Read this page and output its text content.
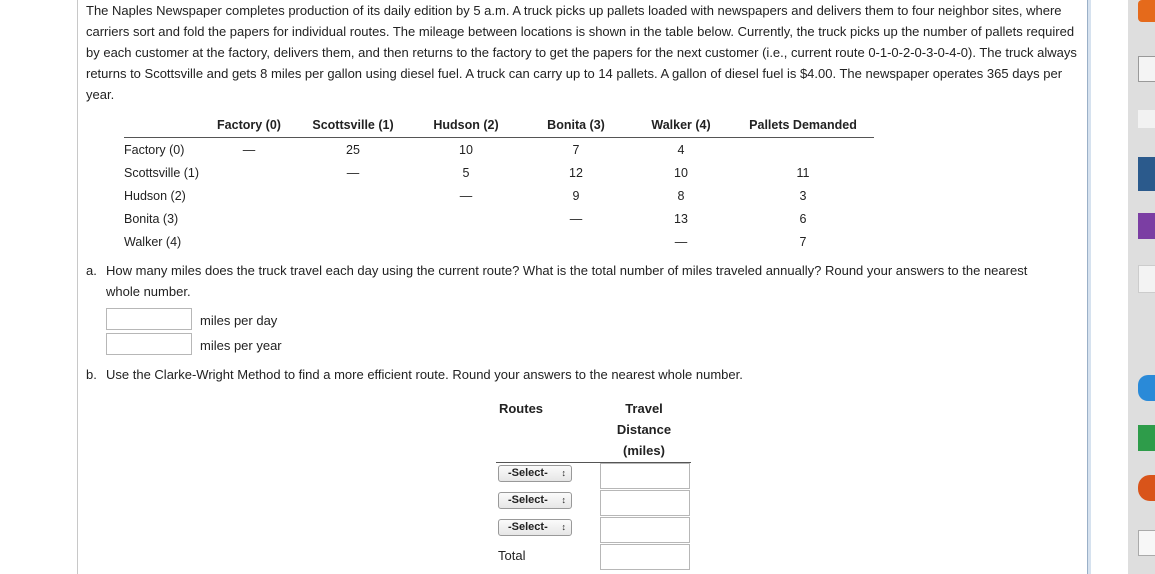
The Naples Newspaper completes production of its daily edition by 5 a.m. A truck picks up pallets loaded with newspapers and delivers them to four neighbor sites, where carriers sort and fold the papers for individual routes. The mileage between locations is shown in the table below. Currently, the truck picks up the number of pallets required by each customer at the factory, delivers them, and then returns to the factory to get the papers for the next customer (i.e., current route 0-1-0-2-0-3-0-4-0). The truck always returns to Scottsville and gets 8 miles per gallon using diesel fuel. A truck can carry up to 14 pallets. A gallon of diesel fuel is $4.00. The newspaper operates 365 days per year.
	Factory (0)	Scottsville (1)	Hudson (2)	Bonita (3)	Walker (4)	Pallets Demanded
Factory (0)	—	25	10	7	4	
Scottsville (1)		—	5	12	10	11
Hudson (2)			—	9	8	3
Bonita (3)				—	13	6
Walker (4)					—	7
a. How many miles does the truck travel each day using the current route? What is the total number of miles traveled annually? Round your answers to the nearest whole number.
miles per day
miles per year
b. Use the Clarke-Wright Method to find a more efficient route. Round your answers to the nearest whole number.
Routes	Travel
Distance
(miles)
-Select- ↕
-Select- ↕
-Select- ↕
Total
